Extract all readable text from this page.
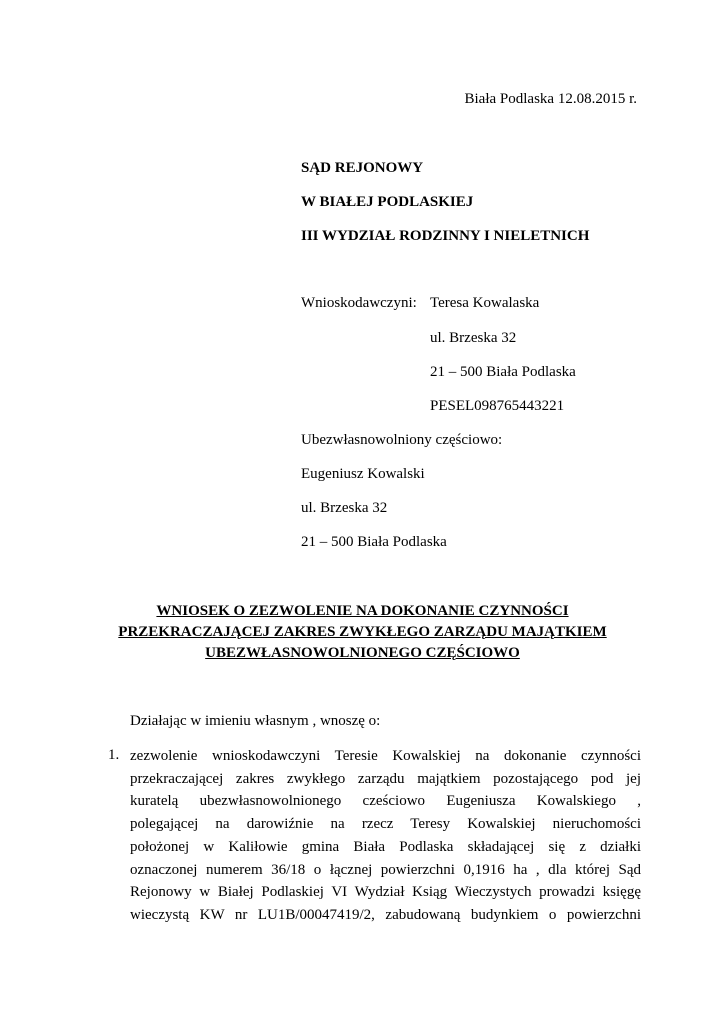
Biała Podlaska 12.08.2015 r.
SĄD REJONOWY
W BIAŁEJ PODLASKIEJ
III WYDZIAŁ RODZINNY I NIELETNICH
Wnioskodawczyni: Teresa Kowalaska
ul. Brzeska 32
21 – 500 Biała Podlaska
PESEL098765443221
Ubezwłasnowolniony częściowo:
Eugeniusz Kowalski
ul. Brzeska 32
21 – 500 Biała Podlaska
WNIOSEK O ZEZWOLENIE NA DOKONANIE CZYNNOŚCI
PRZEKRACZAJĄCEJ ZAKRES ZWYKŁEGO ZARZĄDU MAJĄTKIEM
UBEZWŁASNOWOLNIONEGO CZĘŚCIOWO
Działając w imieniu własnym , wnoszę o:
1. zezwolenie wnioskodawczyni Teresie Kowalskiej na dokonanie czynności
przekraczającej zakres zwykłego zarządu majątkiem pozostającego pod jej
kuratelą ubezwłasnowolnionego cześciowo Eugeniusza Kowalskiego ,
polegającej na darowiźnie na rzecz Teresy Kowalskiej nieruchomości
położonej w Kaliłowie gmina Biała Podlaska składającej się z działki
oznaczonej numerem 36/18 o łącznej powierzchni 0,1916 ha , dla której Sąd
Rejonowy w Białej Podlaskiej VI Wydział Ksiąg Wieczystych prowadzi księgę
wieczystą KW nr LU1B/00047419/2, zabudowaną budynkiem o powierzchni
